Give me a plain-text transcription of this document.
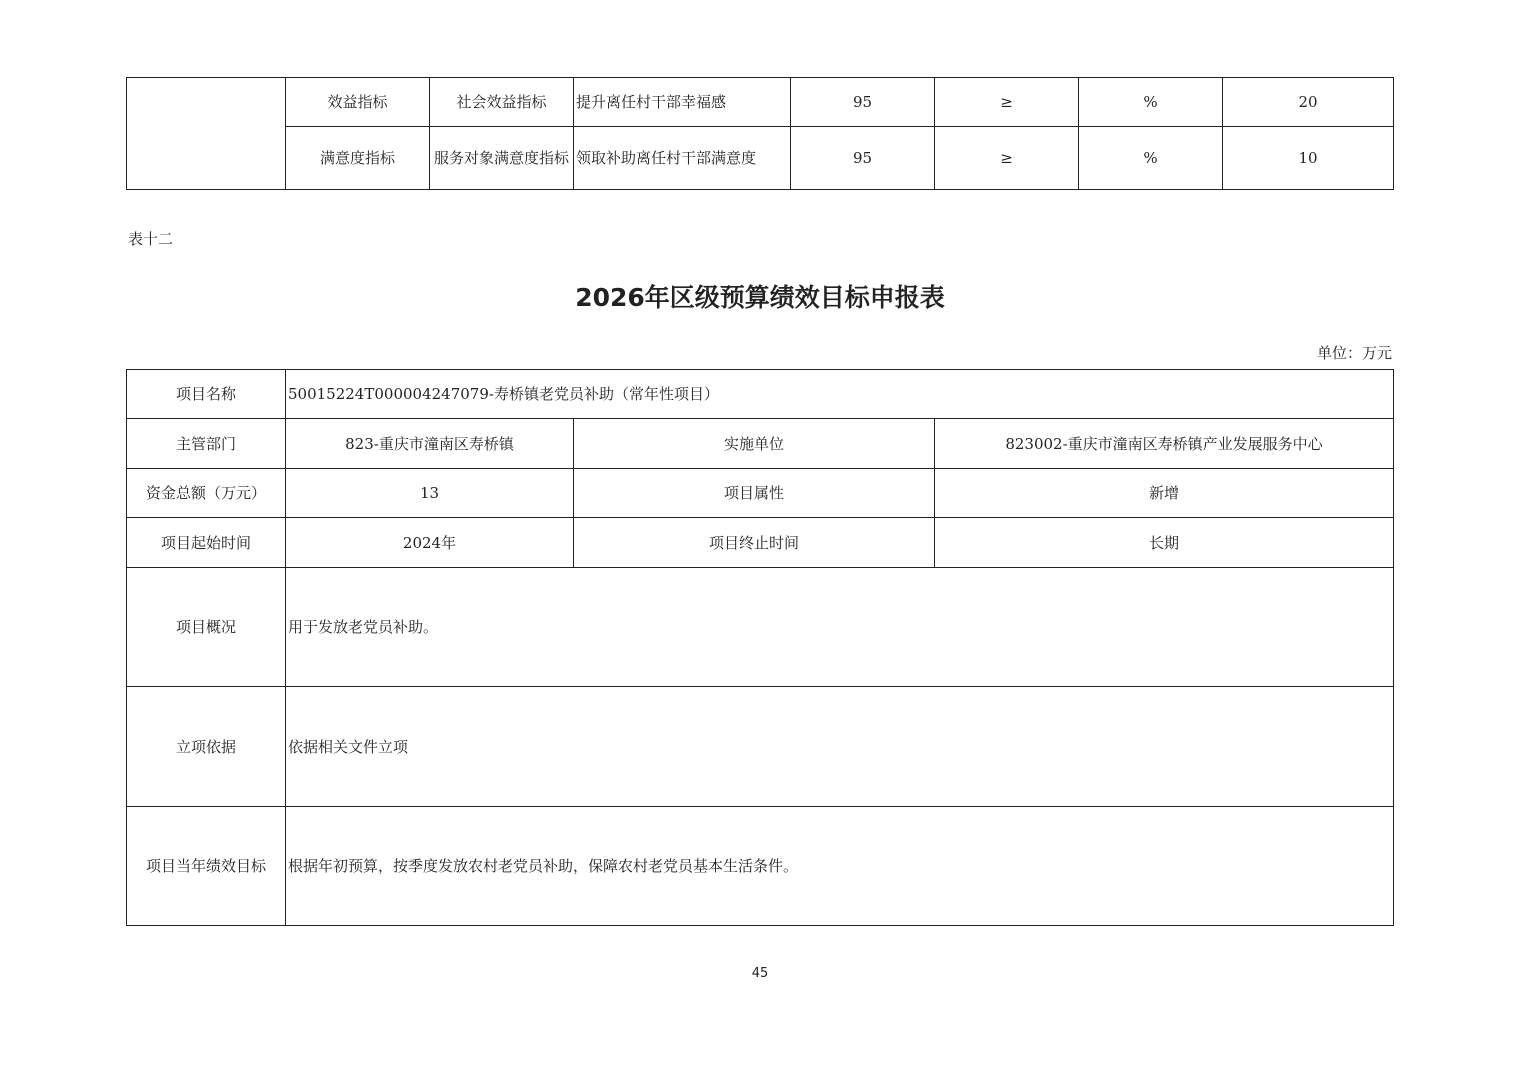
	效益指标	社会效益指标	提升离任村干部幸福感	95	≥	%	20
	满意度指标	服务对象满意度指标	领取补助离任村干部满意度	95	≥	%	10
表十二
2026年区级预算绩效目标申报表
单位：万元
项目名称	50015224T000004247079-寿桥镇老党员补助（常年性项目）		
主管部门	823-重庆市潼南区寿桥镇	实施单位	823002-重庆市潼南区寿桥镇产业发展服务中心
资金总额（万元）	13	项目属性	新增
项目起始时间	2024年	项目终止时间	长期
项目概况	用于发放老党员补助。		
立项依据	依据相关文件立项		
项目当年绩效目标	根据年初预算，按季度发放农村老党员补助，保障农村老党员基本生活条件。		
45
